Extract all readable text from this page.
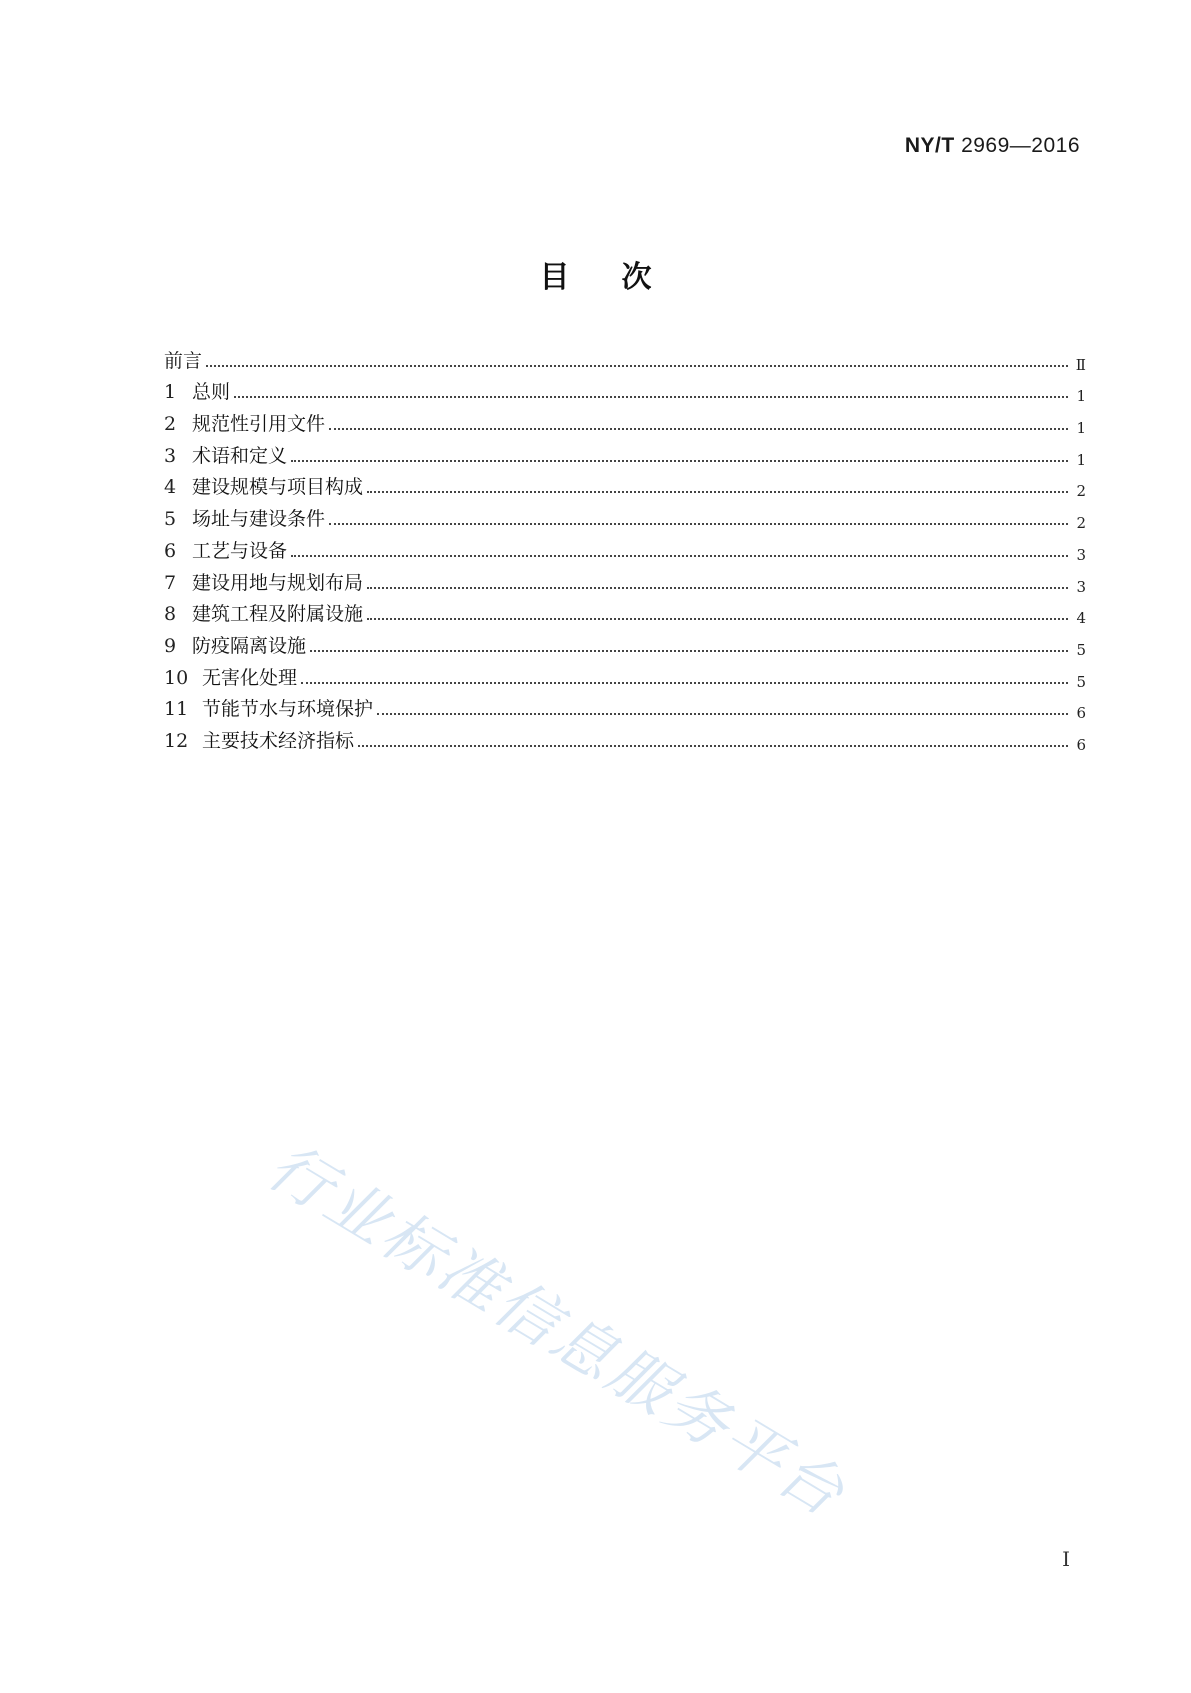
NY/T 2969—2016
目 次
前言	Ⅱ
1 总则	1
2 规范性引用文件	1
3 术语和定义	1
4 建设规模与项目构成	2
5 场址与建设条件	2
6 工艺与设备	3
7 建设用地与规划布局	3
8 建筑工程及附属设施	4
9 防疫隔离设施	5
10 无害化处理	5
11 节能节水与环境保护	6
12 主要技术经济指标	6
行业标准信息服务平台
Ⅰ
